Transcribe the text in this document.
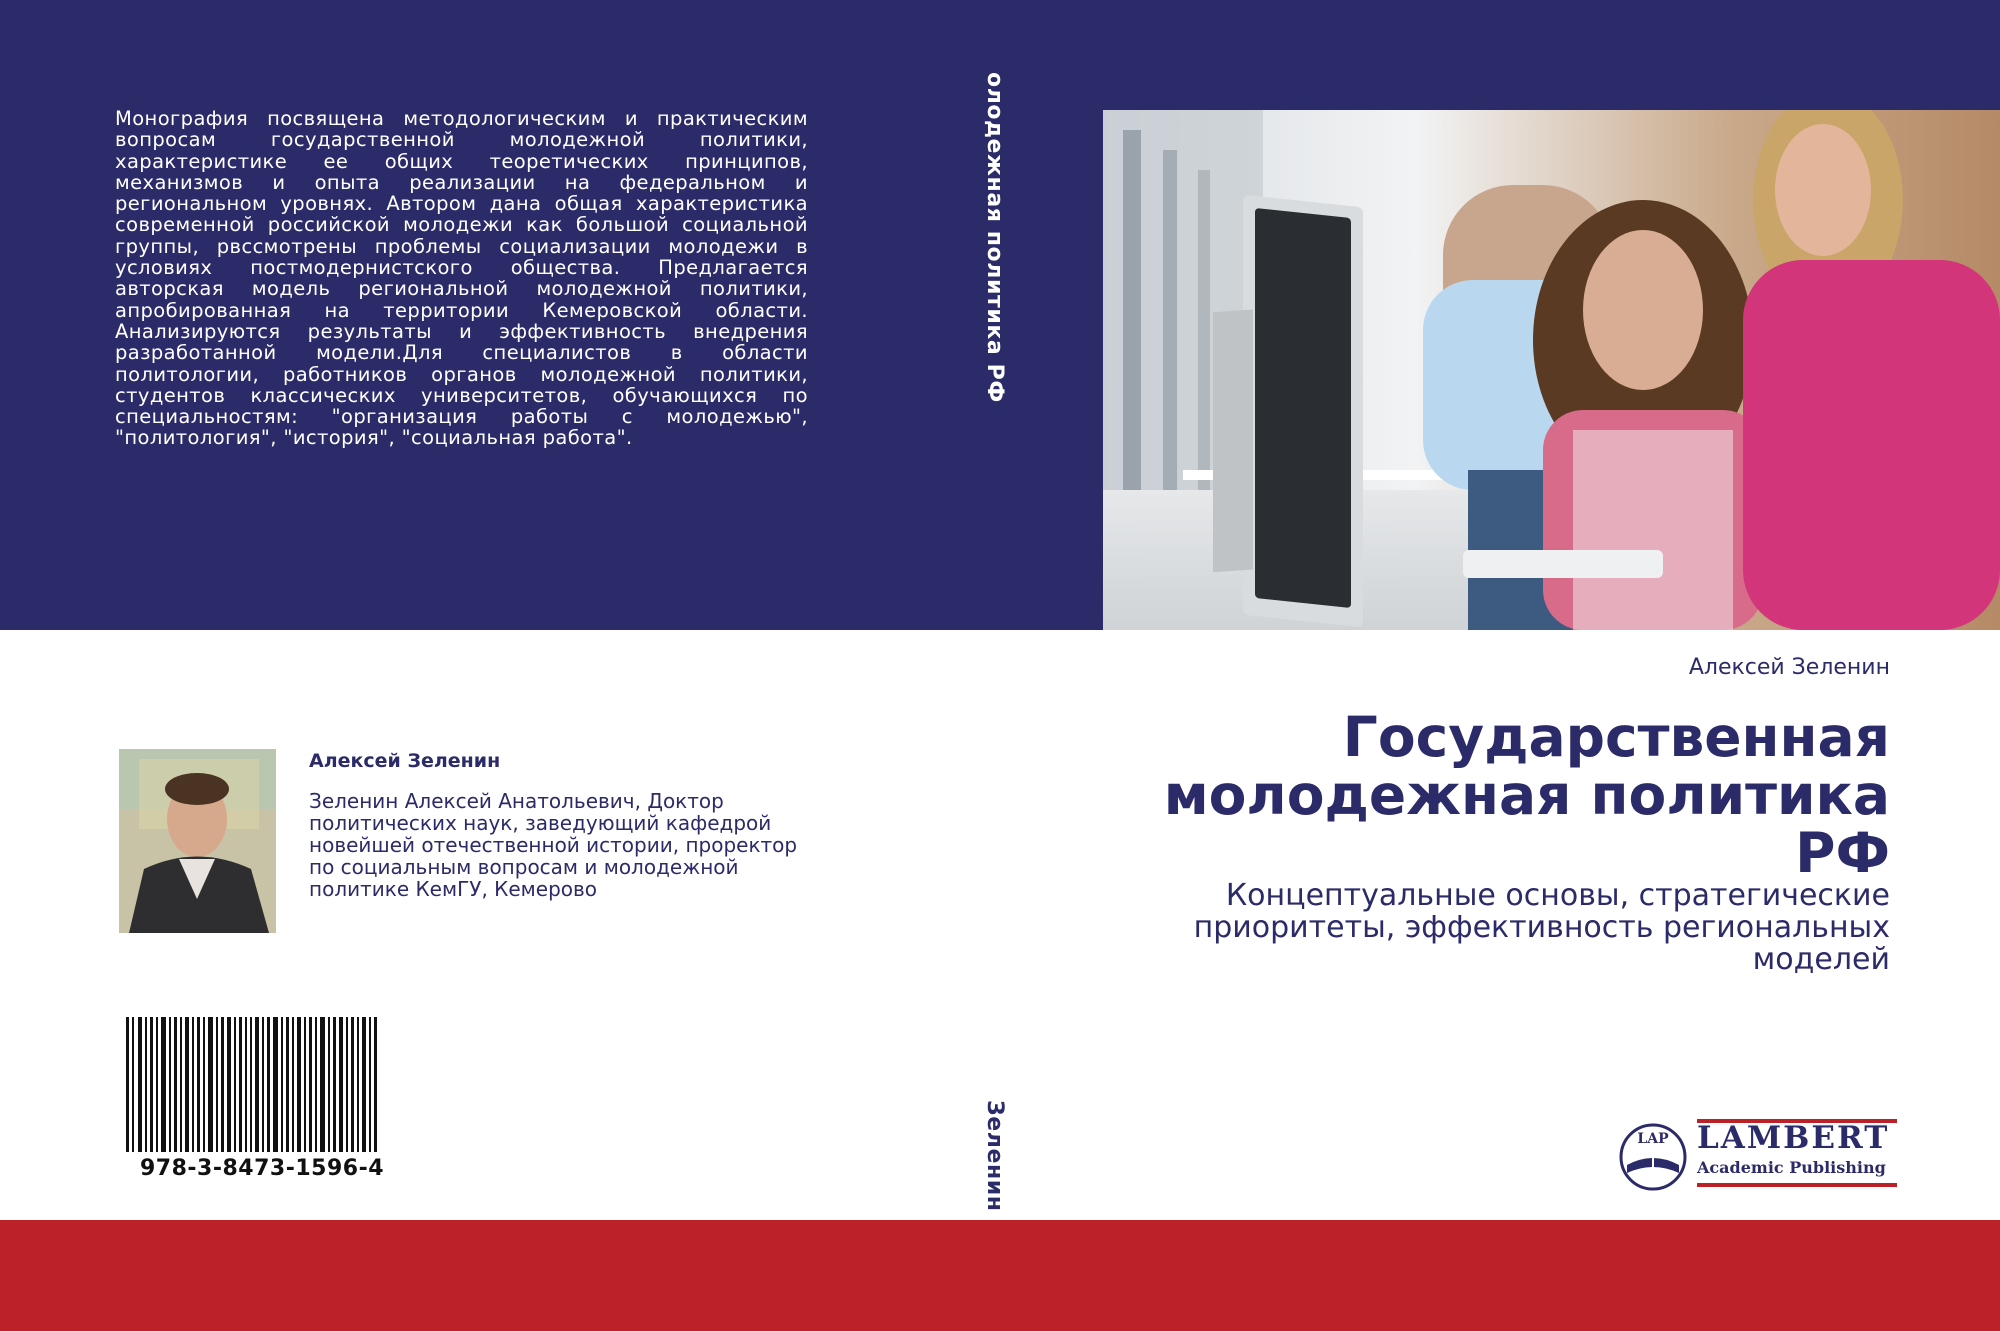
Монография посвящена методологическим и практическим вопросам государственной молодежной политики, характеристике ее общих теоретических принципов, механизмов и опыта реализации на федеральном и региональном уровнях. Автором дана общая характеристика современной российской молодежи как большой социальной группы, рвссмотрены проблемы социализации молодежи в условиях постмодернистского общества. Предлагается авторская модель региональной молодежной политики, апробированная на территории Кемеровской области. Анализируются результаты и эффективность внедрения разработанной модели.Для специалистов в области политологии, работников органов молодежной политики, студентов классических университетов, обучающихся по специальностям: "организация работы с молодежью", "политология", "история", "социальная работа".

олодежная политика РФ
Зеленин

Алексей Зеленин

Государственная молодежная политика РФ

Концептуальные основы, стратегические приоритеты, эффективность региональных моделей

Алексей Зеленин

Зеленин Алексей Анатольевич, Доктор политических наук, заведующий кафедрой новейшей отечественной истории, проректор по социальным вопросам и молодежной политике КемГУ, Кемерово

978-3-8473-1596-4

LAP LAMBERT

Academic Publishing
